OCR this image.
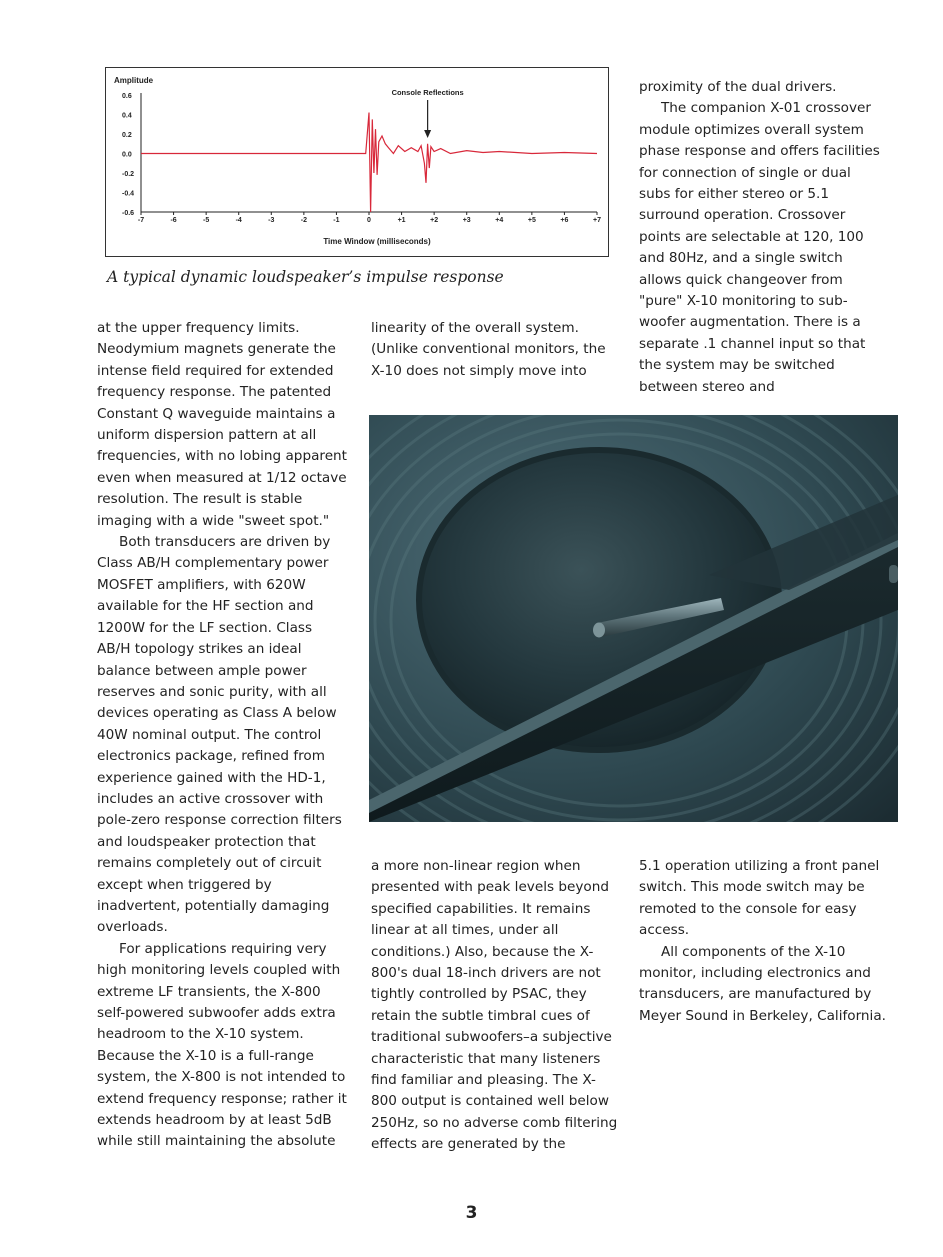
Amplitude
0.6
0.4
0.2
0.0
-0.2
-0.4
-0.6
-7	-6	-5	-4	-3	-2	-1	0	+1	+2	+3	+4	+5	+6	+7
Time Window (milliseconds)
Console Reflections
A typical dynamic loudspeaker’s impulse response

at the upper frequency limits. Neodymium magnets generate the intense field required for extended frequency response. The patented Constant Q waveguide maintains a uniform dispersion pattern at all frequencies, with no lobing apparent even when measured at 1/12 octave resolution. The result is stable imaging with a wide "sweet spot."

Both transducers are driven by Class AB/H complementary power MOSFET amplifiers, with 620W available for the HF section and 1200W for the LF section. Class AB/H topology strikes an ideal balance between ample power reserves and sonic purity, with all devices operating as Class A below 40W nominal output. The control electronics package, refined from experience gained with the HD-1, includes an active crossover with pole-zero response correction filters and loudspeaker protection that remains completely out of circuit except when triggered by inadvertent, potentially damaging overloads.

For applications requiring very high monitoring levels coupled with extreme LF transients, the X-800 self-powered subwoofer adds extra headroom to the X-10 system. Because the X-10 is a full-range system, the X-800 is not intended to extend frequency response; rather it extends headroom by at least 5dB while still maintaining the absolute

linearity of the overall system. (Unlike conventional monitors, the X-10 does not simply move into

proximity of the dual drivers.

The companion X-01 crossover module optimizes overall system phase response and offers facilities for connection of single or dual subs for either stereo or 5.1 surround operation. Crossover points are selectable at 120, 100 and 80Hz, and a single switch allows quick changeover from "pure" X-10 monitoring to sub-woofer augmentation. There is a separate .1 channel input so that the system may be switched between stereo and

a more non-linear region when presented with peak levels beyond specified capabilities. It remains linear at all times, under all conditions.) Also, because the X-800's dual 18-inch drivers are not tightly controlled by PSAC, they retain the subtle timbral cues of traditional subwoofers–a subjective characteristic that many listeners find familiar and pleasing. The X-800 output is contained well below 250Hz, so no adverse comb filtering effects are generated by the

5.1 operation utilizing a front panel switch. This mode switch may be remoted to the console for easy access.

All components of the X-10 monitor, including electronics and transducers, are manufactured by Meyer Sound in Berkeley, California.

3
